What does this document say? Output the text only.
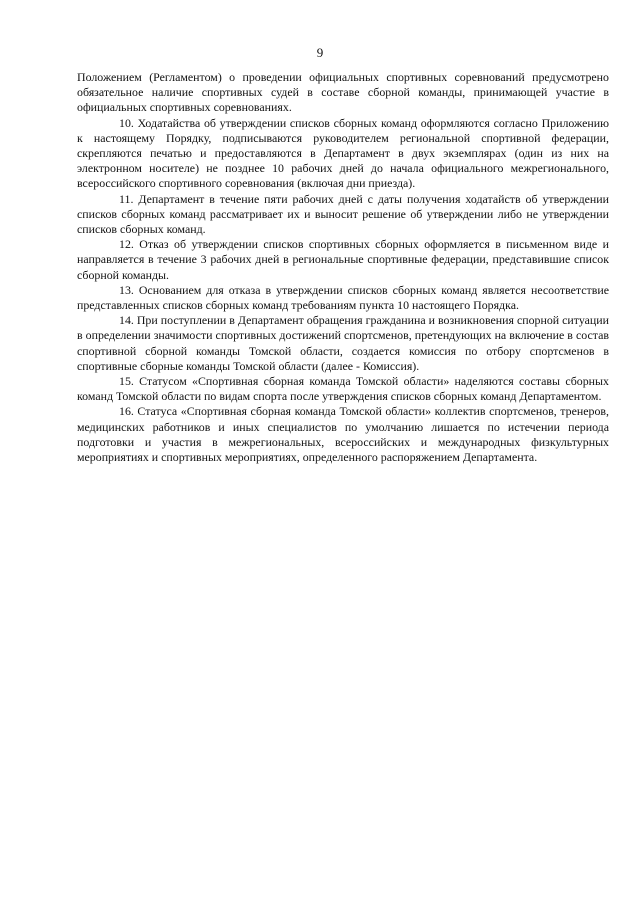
9

Положением (Регламентом) о проведении официальных спортивных соревнований предусмотрено обязательное наличие спортивных судей в составе сборной команды, принимающей участие в официальных спортивных соревнованиях.

10. Ходатайства об утверждении списков сборных команд оформляются согласно Приложению к настоящему Порядку, подписываются руководителем региональной спортивной федерации, скрепляются печатью и предоставляются в Департамент в двух экземплярах (один из них на электронном носителе) не позднее 10 рабочих дней до начала официального межрегионального, всероссийского спортивного соревнования (включая дни приезда).

11. Департамент в течение пяти рабочих дней с даты получения ходатайств об утверждении списков сборных команд рассматривает их и выносит решение об утверждении либо не утверждении списков сборных команд.

12. Отказ об утверждении списков спортивных сборных оформляется в письменном виде и направляется в течение 3 рабочих дней в региональные спортивные федерации, представившие список сборной команды.

13. Основанием для отказа в утверждении списков сборных команд является несоответствие представленных списков сборных команд требованиям пункта 10 настоящего Порядка.

14. При поступлении в Департамент обращения гражданина и возникновения спорной ситуации в определении значимости спортивных достижений спортсменов, претендующих на включение в состав спортивной сборной команды Томской области, создается комиссия по отбору спортсменов в спортивные сборные команды Томской области (далее - Комиссия).

15. Статусом «Спортивная сборная команда Томской области» наделяются составы сборных команд Томской области по видам спорта после утверждения списков сборных команд Департаментом.

16. Статуса «Спортивная сборная команда Томской области» коллектив спортсменов, тренеров, медицинских работников и иных специалистов по умолчанию лишается по истечении периода подготовки и участия в межрегиональных, всероссийских и международных физкультурных мероприятиях и спортивных мероприятиях, определенного распоряжением Департамента.
